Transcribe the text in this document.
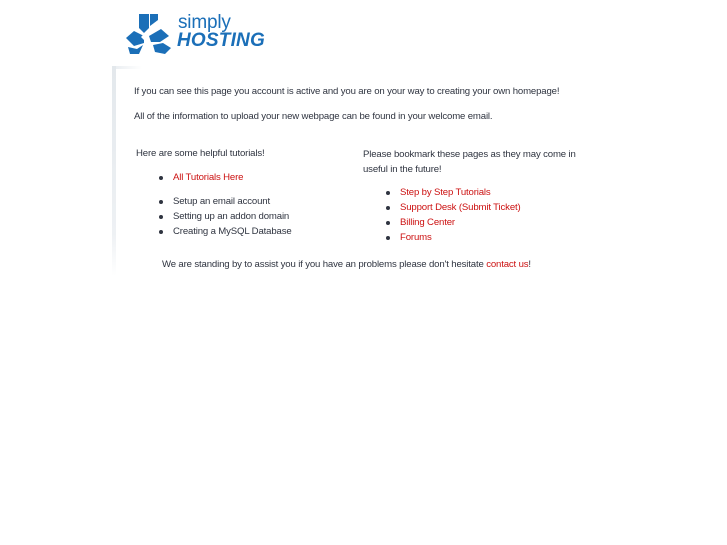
simply
HOSTING
If you can see this page you account is active and you are on your way to creating your own homepage!
All of the information to upload your new webpage can be found in your welcome email.

Here are some helpful tutorials!

All Tutorials Here
Setup an email account
Setting up an addon domain
Creating a MySQL Database

Please bookmark these pages as they may come in useful in the future!

Step by Step Tutorials
Support Desk (Submit Ticket)
Billing Center
Forums
We are standing by to assist you if you have an problems please don't hesitate contact us!
